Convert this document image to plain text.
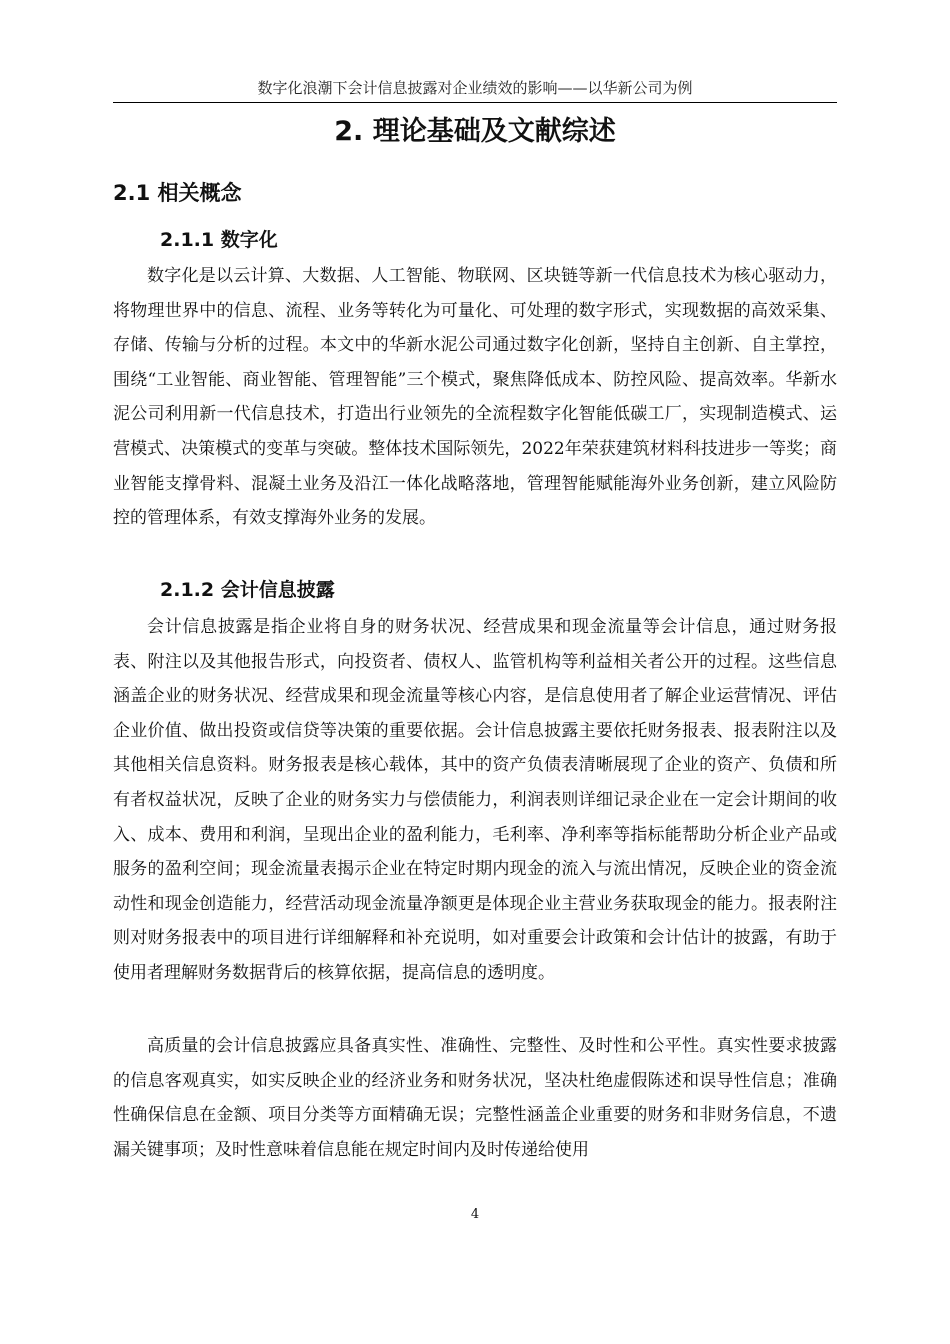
数字化浪潮下会计信息披露对企业绩效的影响——以华新公司为例
2. 理论基础及文献综述
2.1 相关概念
2.1.1 数字化

数字化是以云计算、大数据、人工智能、物联网、区块链等新一代信息技术为核心驱动力，将物理世界中的信息、流程、业务等转化为可量化、可处理的数字形式，实现数据的高效采集、存储、传输与分析的过程。本文中的华新水泥公司通过数字化创新，坚持自主创新、自主掌控，围绕“工业智能、商业智能、管理智能”三个模式，聚焦降低成本、防控风险、提高效率。华新水泥公司利用新一代信息技术，打造出行业领先的全流程数字化智能低碳工厂，实现制造模式、运营模式、决策模式的变革与突破。整体技术国际领先，2022年荣获建筑材料科技进步一等奖；商业智能支撑骨料、混凝土业务及沿江一体化战略落地，管理智能赋能海外业务创新，建立风险防控的管理体系，有效支撑海外业务的发展。

2.1.2 会计信息披露

会计信息披露是指企业将自身的财务状况、经营成果和现金流量等会计信息，通过财务报表、附注以及其他报告形式，向投资者、债权人、监管机构等利益相关者公开的过程。这些信息涵盖企业的财务状况、经营成果和现金流量等核心内容，是信息使用者了解企业运营情况、评估企业价值、做出投资或信贷等决策的重要依据。会计信息披露主要依托财务报表、报表附注以及其他相关信息资料。财务报表是核心载体，其中的资产负债表清晰展现了企业的资产、负债和所有者权益状况，反映了企业的财务实力与偿债能力，利润表则详细记录企业在一定会计期间的收入、成本、费用和利润，呈现出企业的盈利能力，毛利率、净利率等指标能帮助分析企业产品或服务的盈利空间；现金流量表揭示企业在特定时期内现金的流入与流出情况，反映企业的资金流动性和现金创造能力，经营活动现金流量净额更是体现企业主营业务获取现金的能力。报表附注则对财务报表中的项目进行详细解释和补充说明，如对重要会计政策和会计估计的披露，有助于使用者理解财务数据背后的核算依据，提高信息的透明度。

高质量的会计信息披露应具备真实性、准确性、完整性、及时性和公平性。真实性要求披露的信息客观真实，如实反映企业的经济业务和财务状况，坚决杜绝虚假陈述和误导性信息；准确性确保信息在金额、项目分类等方面精确无误；完整性涵盖企业重要的财务和非财务信息，不遗漏关键事项；及时性意味着信息能在规定时间内及时传递给使用

4
